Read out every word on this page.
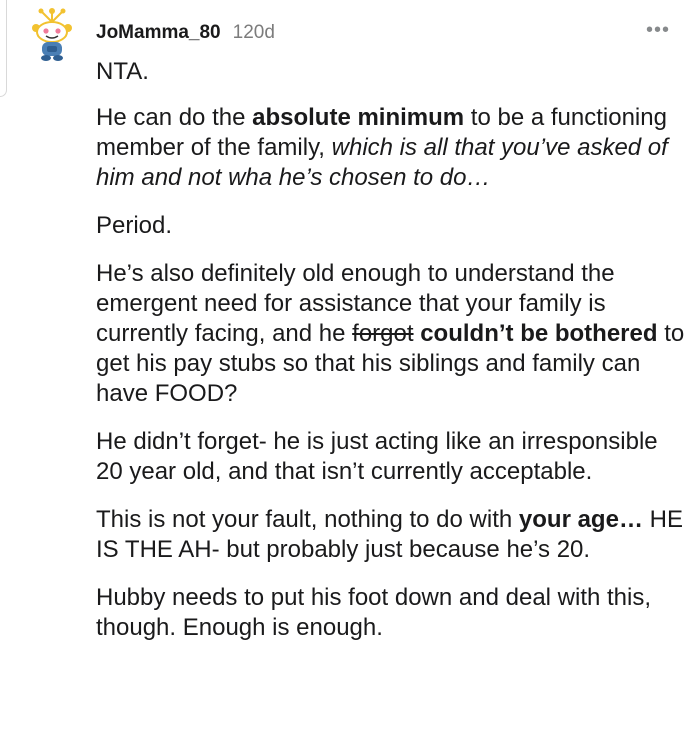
JoMamma_80 120d	•••

NTA.

He can do the absolute minimum to be a functioning member of the family, which is all that you’ve asked of him and not wha he’s chosen to do…

Period.

He’s also definitely old enough to understand the emergent need for assistance that your family is currently facing, and he forgot couldn’t be bothered to get his pay stubs so that his siblings and family can have FOOD?

He didn’t forget- he is just acting like an irresponsible 20 year old, and that isn’t currently acceptable.

This is not your fault, nothing to do with your age… HE IS THE AH- but probably just because he’s 20.

Hubby needs to put his foot down and deal with this, though. Enough is enough.
